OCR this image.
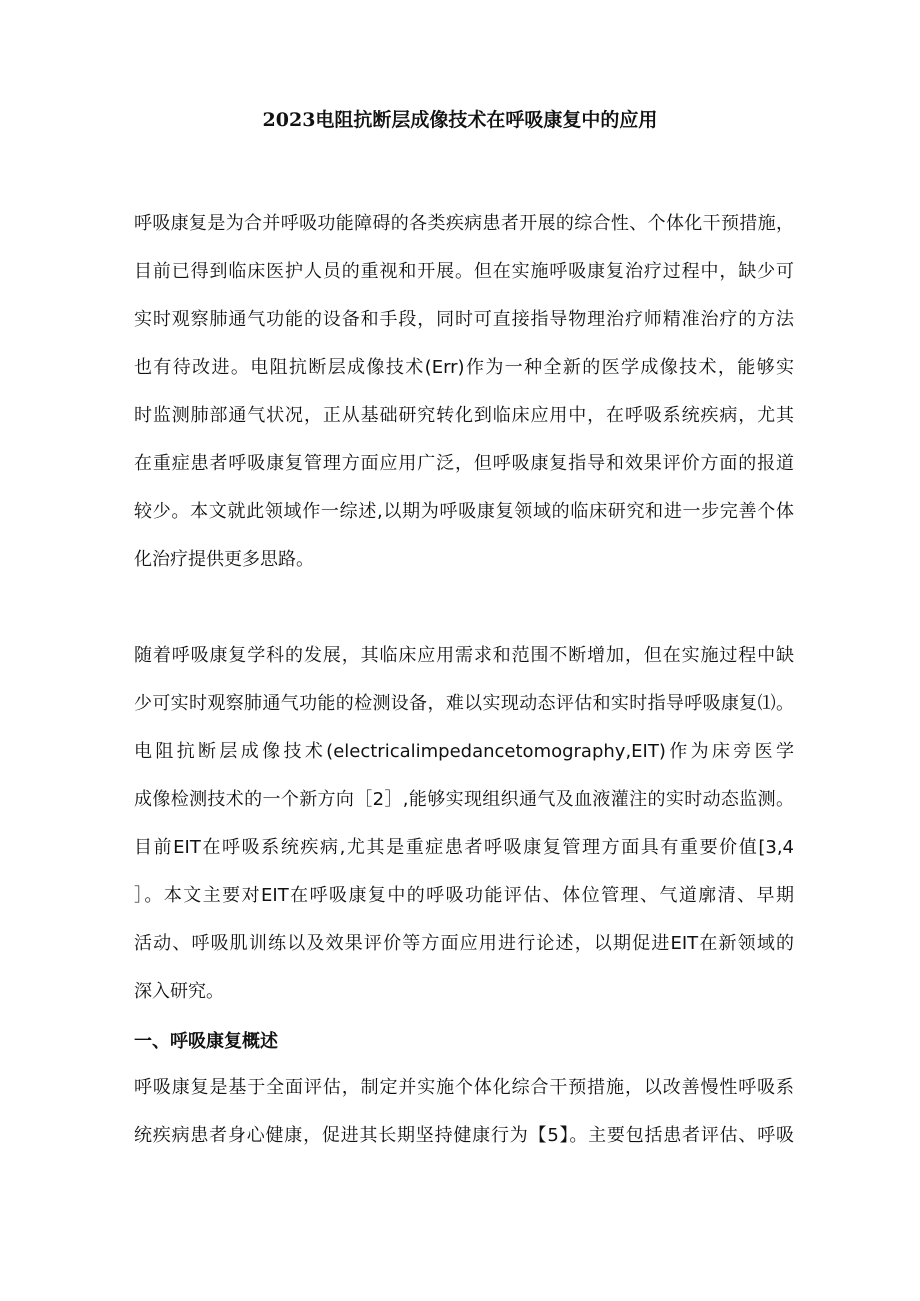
2023电阻抗断层成像技术在呼吸康复中的应用
呼吸康复是为合并呼吸功能障碍的各类疾病患者开展的综合性、个体化干预措施，
目前已得到临床医护人员的重视和开展。但在实施呼吸康复治疗过程中，缺少可
实时观察肺通气功能的设备和手段，同时可直接指导物理治疗师精准治疗的方法
也有待改进。电阻抗断层成像技术(Err)作为一种全新的医学成像技术，能够实
时监测肺部通气状况，正从基础研究转化到临床应用中，在呼吸系统疾病，尤其
在重症患者呼吸康复管理方面应用广泛，但呼吸康复指导和效果评价方面的报道
较少。本文就此领域作一综述,以期为呼吸康复领域的临床研究和进一步完善个体
化治疗提供更多思路。
随着呼吸康复学科的发展，其临床应用需求和范围不断增加，但在实施过程中缺
少可实时观察肺通气功能的检测设备，难以实现动态评估和实时指导呼吸康复⑴。
电阻抗断层成像技术(electricalimpedancetomography,EIT)作为床旁医学
成像检测技术的一个新方向［2］,能够实现组织通气及血液灌注的实时动态监测。
目前EIT在呼吸系统疾病,尤其是重症患者呼吸康复管理方面具有重要价值[3,4
］。本文主要对EIT在呼吸康复中的呼吸功能评估、体位管理、气道廓清、早期
活动、呼吸肌训练以及效果评价等方面应用进行论述，以期促进EIT在新领域的
深入研究。
一、呼吸康复概述
呼吸康复是基于全面评估，制定并实施个体化综合干预措施，以改善慢性呼吸系
统疾病患者身心健康，促进其长期坚持健康行为【5】。主要包括患者评估、呼吸
